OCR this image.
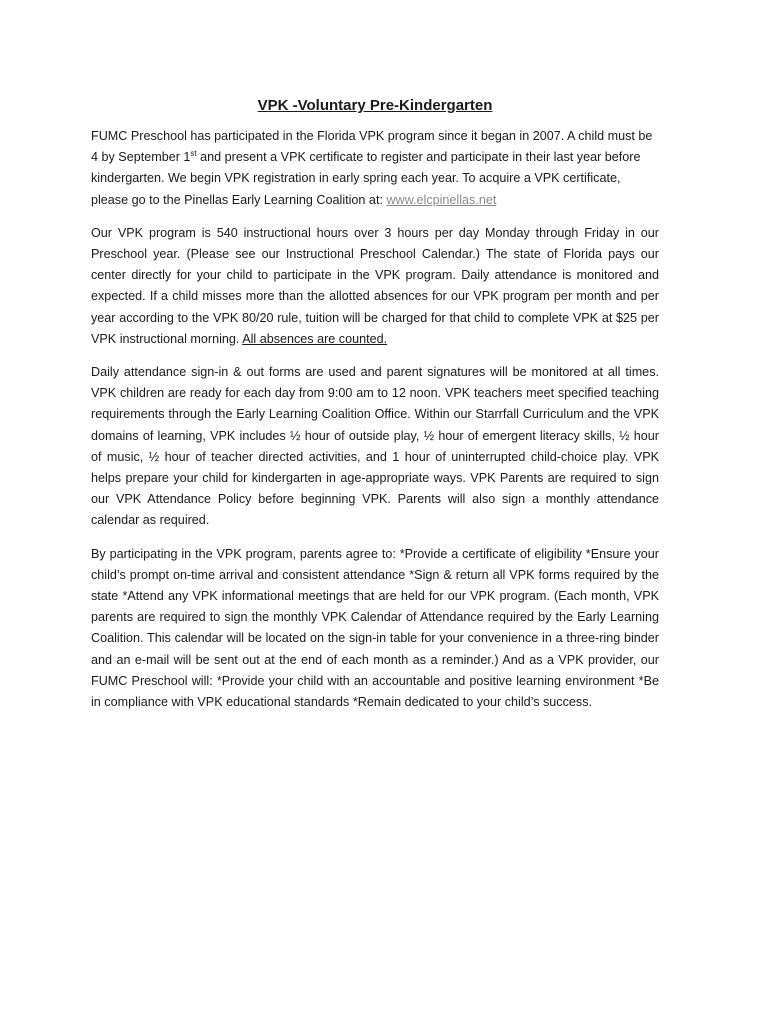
VPK -Voluntary Pre-Kindergarten

FUMC Preschool has participated in the Florida VPK program since it began in 2007. A child must be 4 by September 1st and present a VPK certificate to register and participate in their last year before kindergarten. We begin VPK registration in early spring each year. To acquire a VPK certificate, please go to the Pinellas Early Learning Coalition at: www.elcpinellas.net

Our VPK program is 540 instructional hours over 3 hours per day Monday through Friday in our Preschool year. (Please see our Instructional Preschool Calendar.) The state of Florida pays our center directly for your child to participate in the VPK program. Daily attendance is monitored and expected. If a child misses more than the allotted absences for our VPK program per month and per year according to the VPK 80/20 rule, tuition will be charged for that child to complete VPK at $25 per VPK instructional morning. All absences are counted.

Daily attendance sign-in & out forms are used and parent signatures will be monitored at all times. VPK children are ready for each day from 9:00 am to 12 noon. VPK teachers meet specified teaching requirements through the Early Learning Coalition Office. Within our Starrfall Curriculum and the VPK domains of learning, VPK includes ½ hour of outside play, ½ hour of emergent literacy skills, ½ hour of music, ½ hour of teacher directed activities, and 1 hour of uninterrupted child-choice play. VPK helps prepare your child for kindergarten in age-appropriate ways. VPK Parents are required to sign our VPK Attendance Policy before beginning VPK. Parents will also sign a monthly attendance calendar as required.

By participating in the VPK program, parents agree to: *Provide a certificate of eligibility *Ensure your child’s prompt on-time arrival and consistent attendance *Sign & return all VPK forms required by the state *Attend any VPK informational meetings that are held for our VPK program. (Each month, VPK parents are required to sign the monthly VPK Calendar of Attendance required by the Early Learning Coalition. This calendar will be located on the sign-in table for your convenience in a three-ring binder and an e-mail will be sent out at the end of each month as a reminder.) And as a VPK provider, our FUMC Preschool will: *Provide your child with an accountable and positive learning environment *Be in compliance with VPK educational standards *Remain dedicated to your child’s success.
